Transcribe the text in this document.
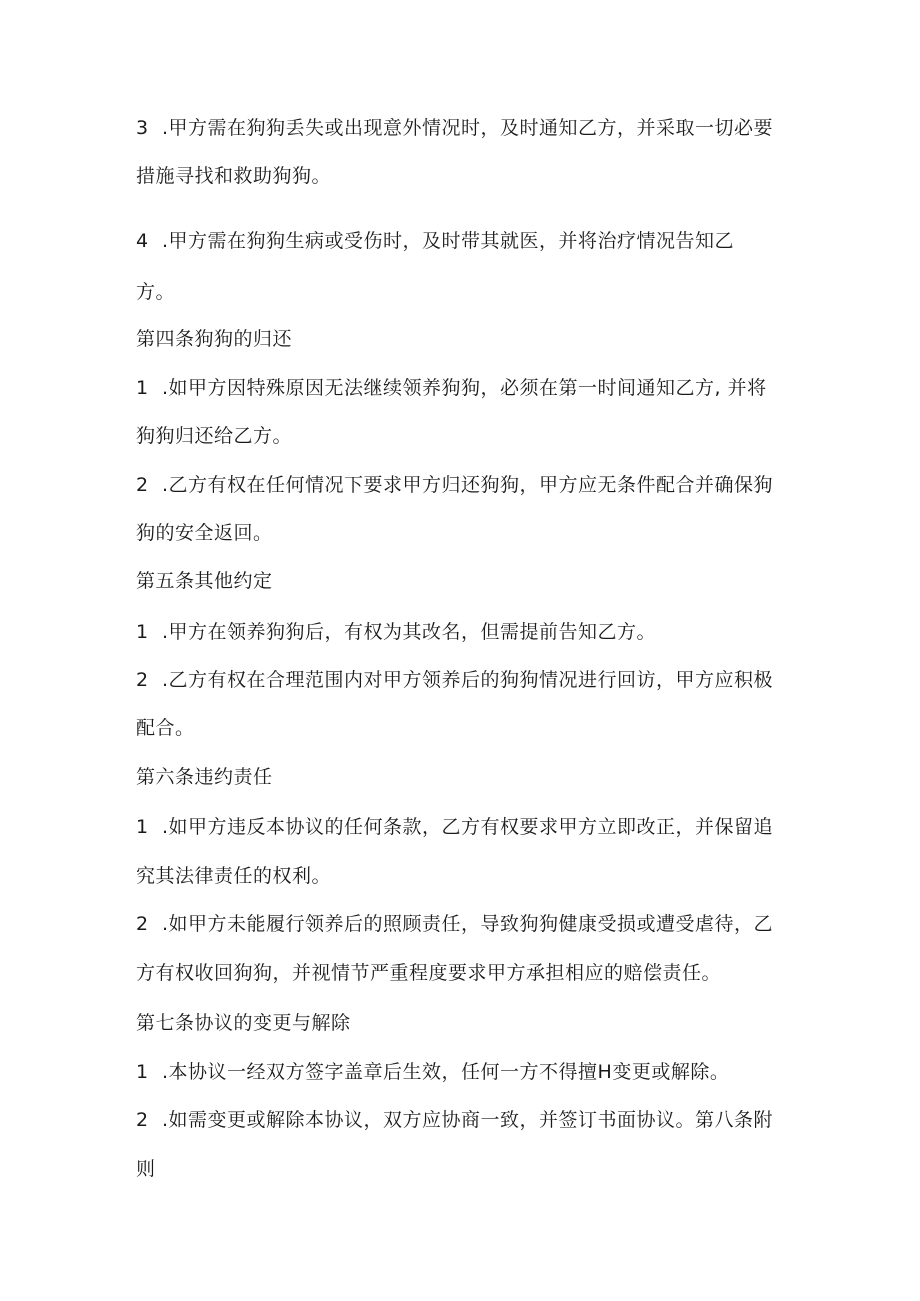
3 .甲方需在狗狗丢失或出现意外情况时，及时通知乙方，并采取一切必要
措施寻找和救助狗狗。
4 .甲方需在狗狗生病或受伤时，及时带其就医，并将治疗情况告知乙
方。
第四条狗狗的归还
1 .如甲方因特殊原因无法继续领养狗狗，必须在第一时间通知乙方, 并将
狗狗归还给乙方。
2 .乙方有权在任何情况下要求甲方归还狗狗，甲方应无条件配合并确保狗
狗的安全返回。
第五条其他约定
1 .甲方在领养狗狗后，有权为其改名，但需提前告知乙方。
2 .乙方有权在合理范围内对甲方领养后的狗狗情况进行回访，甲方应积极
配合。
第六条违约责任
1 .如甲方违反本协议的任何条款，乙方有权要求甲方立即改正，并保留追
究其法律责任的权利。
2 .如甲方未能履行领养后的照顾责任，导致狗狗健康受损或遭受虐待，乙
方有权收回狗狗，并视情节严重程度要求甲方承担相应的赔偿责任。
第七条协议的变更与解除
1 .本协议一经双方签字盖章后生效，任何一方不得擅H变更或解除。
2 .如需变更或解除本协议，双方应协商一致，并签订书面协议。第八条附
则
